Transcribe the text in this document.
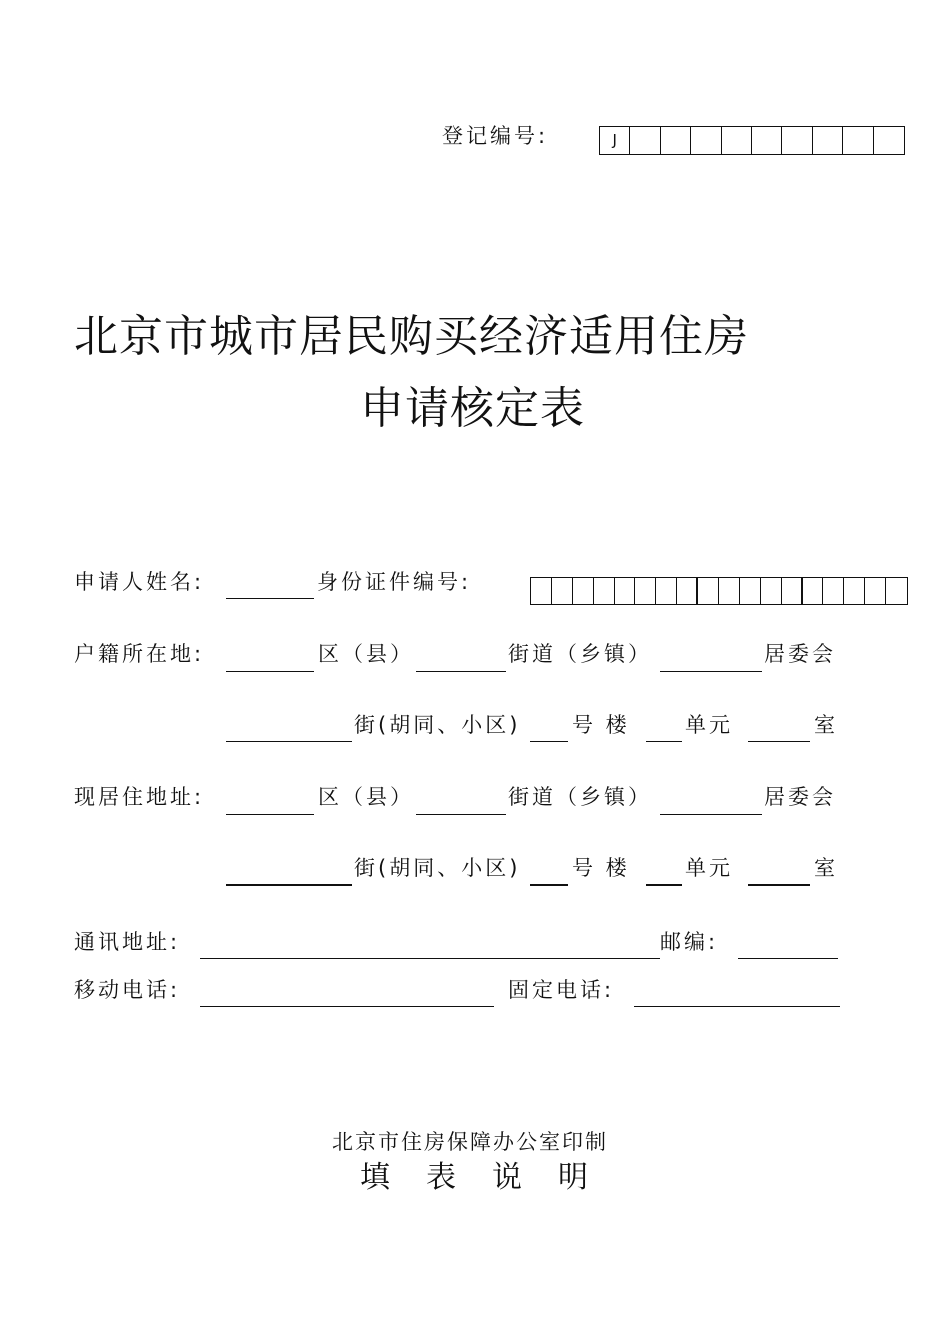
登记编号:	J
北京市城市居民购买经济适用住房
申请核定表
申请人姓名:	身份证件编号:
户籍所在地:	区（县）	街道（乡镇）	居委会
街(胡同、小区) 号 楼	单元	室
现居住地址:	区（县）	街道（乡镇）	居委会
街(胡同、小区) 号 楼	单元	室
通讯地址:	邮编:
移动电话:	固定电话:
北京市住房保障办公室印制
填表说明
